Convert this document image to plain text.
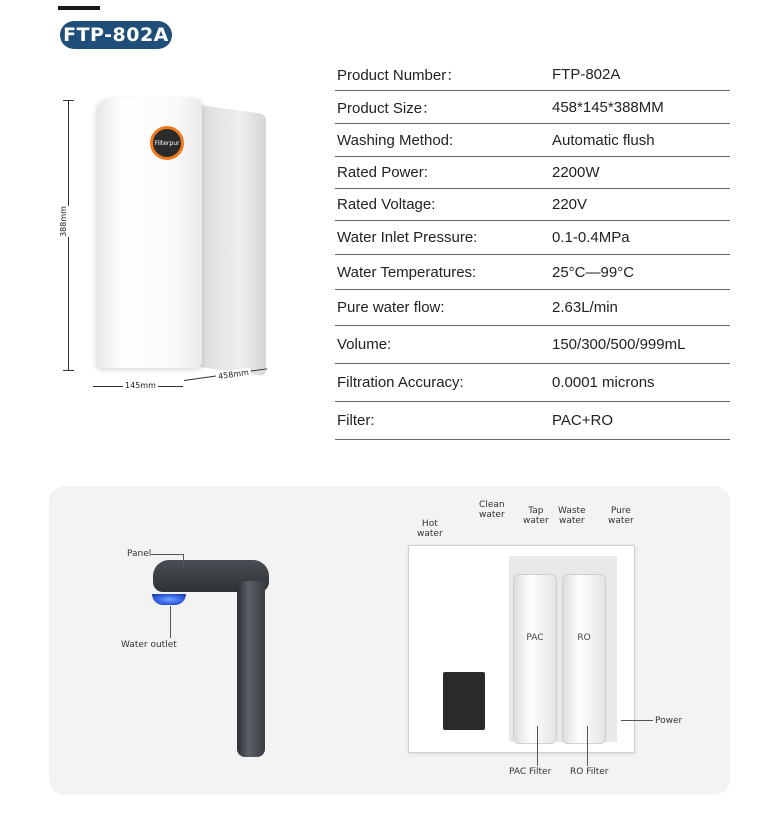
FTP-802A
Filterpur
388mm
145mm
458mm
Product Number：	FTP-802A
Product Size：	458*145*388MM
Washing Method:	Automatic flush
Rated Power:	2200W
Rated Voltage:	220V
Water Inlet Pressure:	0.1-0.4MPa
Water Temperatures:	25°C—99°C
Pure water flow:	2.63L/min
Volume:	150/300/500/999mL
Filtration Accuracy:	0.0001 microns
Filter:	PAC+RO
Panel
Water outlet
PAC	RO
Hot
water
Clean
water	Tap
water
Waste
water
Pure
water
Power
PAC Filter RO Filter
